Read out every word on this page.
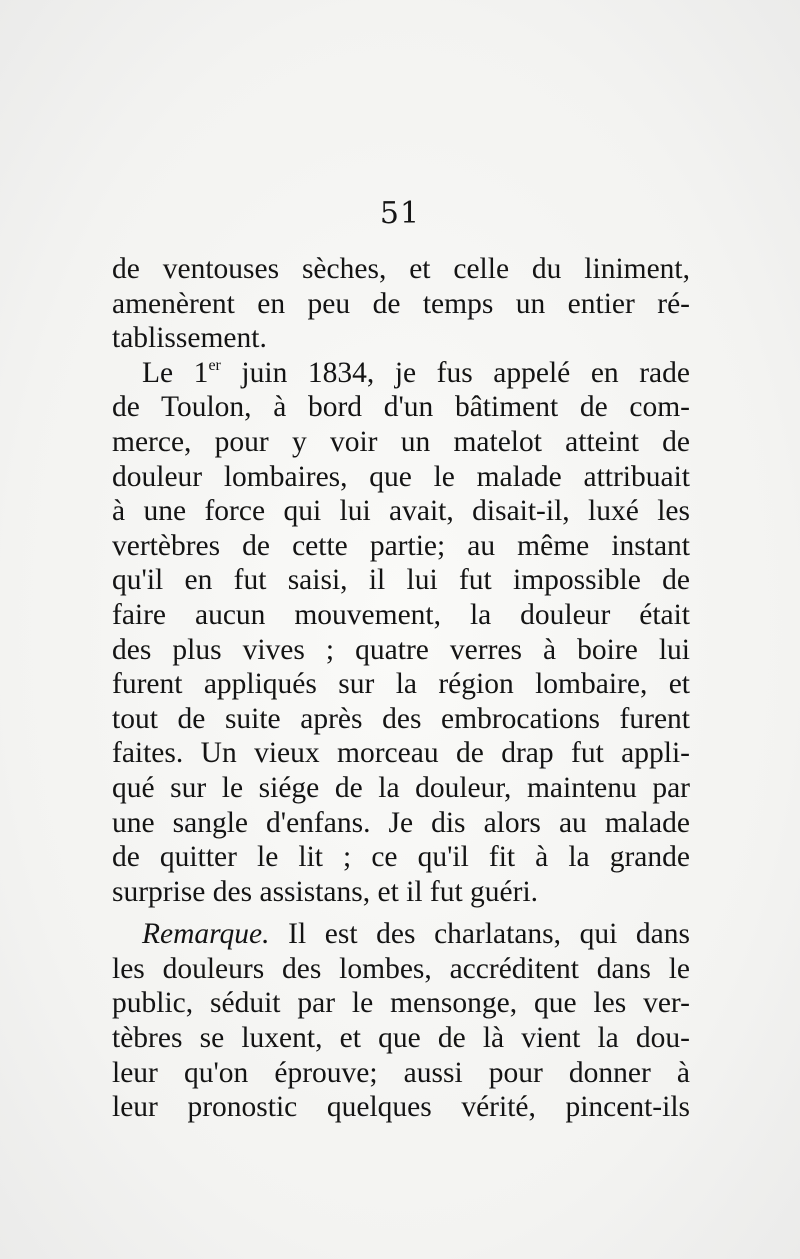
51
de ventouses sèches, et celle du liniment,
amenèrent en peu de temps un entier ré-
tablissement.
Le 1er juin 1834, je fus appelé en rade
de Toulon, à bord d'un bâtiment de com-
merce, pour y voir un matelot atteint de
douleur lombaires, que le malade attribuait
à une force qui lui avait, disait-il, luxé les
vertèbres de cette partie; au même instant
qu'il en fut saisi, il lui fut impossible de
faire aucun mouvement, la douleur était
des plus vives ; quatre verres à boire lui
furent appliqués sur la région lombaire, et
tout de suite après des embrocations furent
faites. Un vieux morceau de drap fut appli-
qué sur le siége de la douleur, maintenu par
une sangle d'enfans. Je dis alors au malade
de quitter le lit ; ce qu'il fit à la grande
surprise des assistans, et il fut guéri.
Remarque. Il est des charlatans, qui dans
les douleurs des lombes, accréditent dans le
public, séduit par le mensonge, que les ver-
tèbres se luxent, et que de là vient la dou-
leur qu'on éprouve; aussi pour donner à
leur pronostic quelques vérité, pincent-ils
